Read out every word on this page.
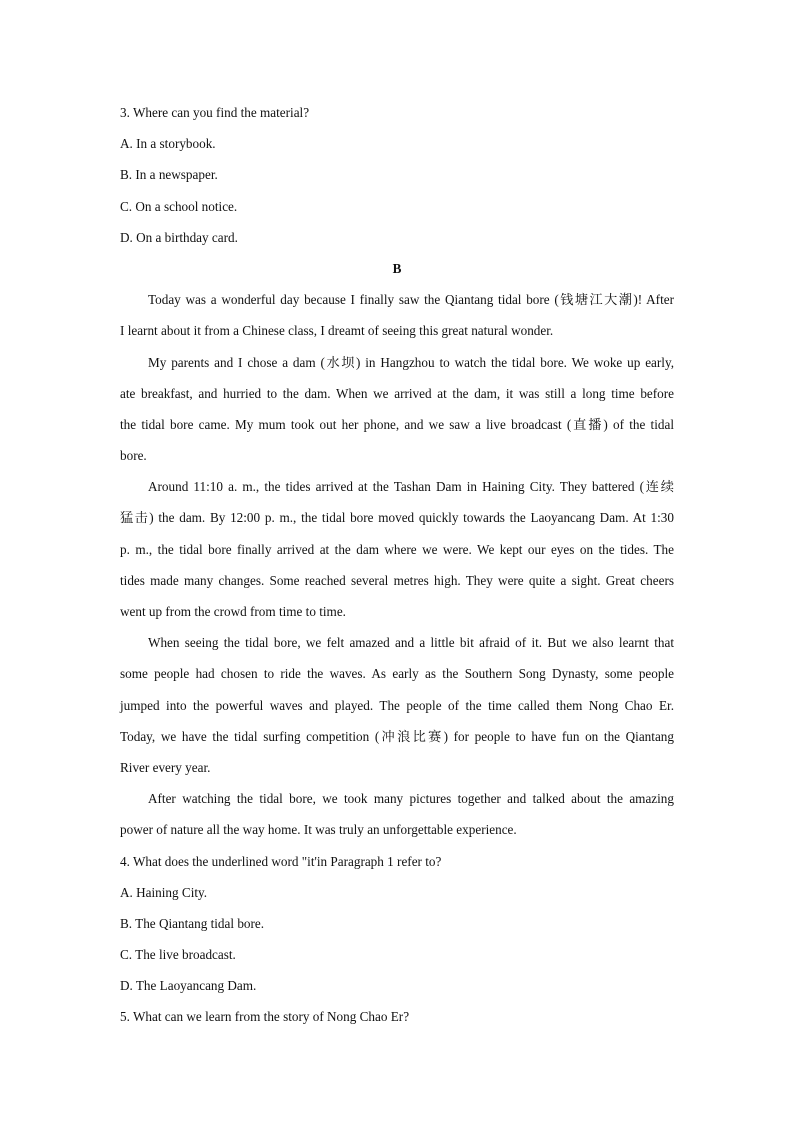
3. Where can you find the material?
A. In a storybook.
B. In a newspaper.
C. On a school notice.
D. On a birthday card.
B
Today was a wonderful day because I finally saw the Qiantang tidal bore (钱塘江大潮)! After
I learnt about it from a Chinese class, I dreamt of seeing this great natural wonder.
My parents and I chose a dam (水坝) in Hangzhou to watch the tidal bore. We woke up early,
ate breakfast, and hurried to the dam. When we arrived at the dam, it was still a long time before
the tidal bore came. My mum took out her phone, and we saw a live broadcast (直播) of the tidal
bore.
Around 11:10 a. m., the tides arrived at the Tashan Dam in Haining City. They battered (连续
猛击) the dam. By 12:00 p. m., the tidal bore moved quickly towards the Laoyancang Dam. At 1:30
p. m., the tidal bore finally arrived at the dam where we were. We kept our eyes on the tides. The
tides made many changes. Some reached several metres high. They were quite a sight. Great cheers
went up from the crowd from time to time.
When seeing the tidal bore, we felt amazed and a little bit afraid of it. But we also learnt that
some people had chosen to ride the waves. As early as the Southern Song Dynasty, some people
jumped into the powerful waves and played. The people of the time called them Nong Chao Er.
Today, we have the tidal surfing competition (冲浪比赛) for people to have fun on the Qiantang
River every year.
After watching the tidal bore, we took many pictures together and talked about the amazing
power of nature all the way home. It was truly an unforgettable experience.
4. What does the underlined word "it'in Paragraph 1 refer to?
A. Haining City.
B. The Qiantang tidal bore.
C. The live broadcast.
D. The Laoyancang Dam.
5. What can we learn from the story of Nong Chao Er?
